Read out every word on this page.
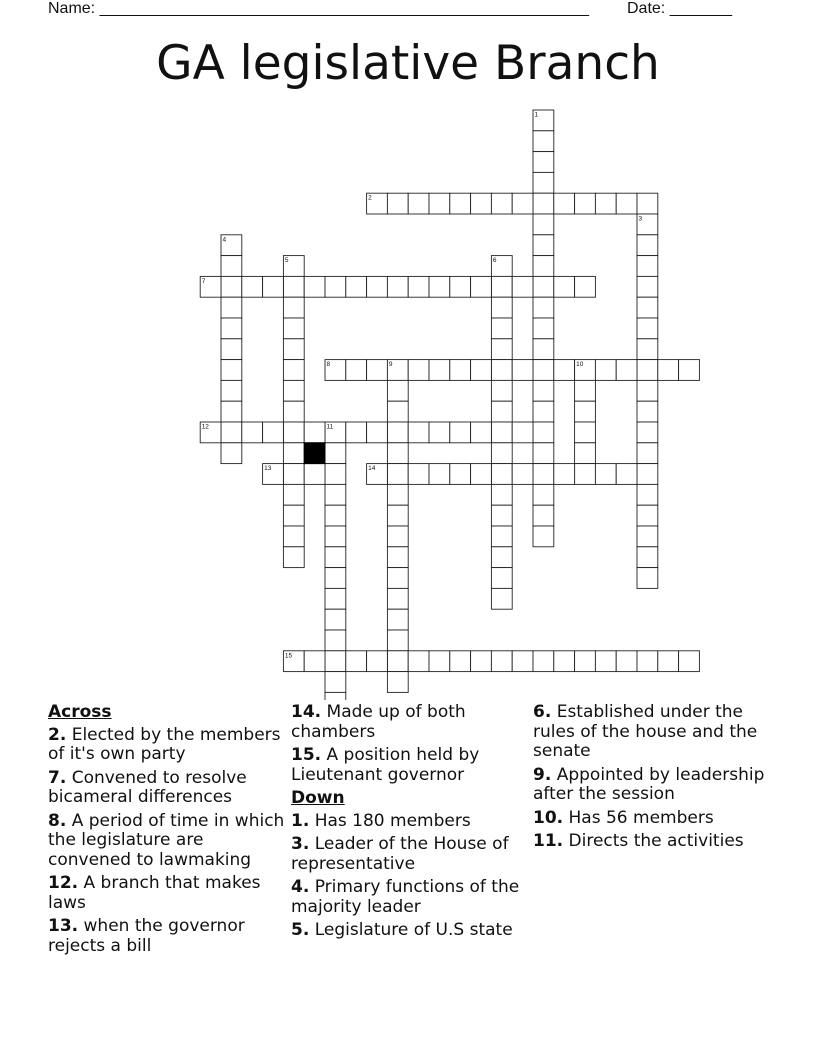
Name: _______________________________________________________ Date: _______
GA legislative Branch
1
2
3
4
5	6
7
8	9	10
11
12
13	14
15
Across
2. Elected by the members of it's own party
7. Convened to resolve bicameral differences
8. A period of time in which the legislature are convened to lawmaking
12. A branch that makes laws
13. when the governor rejects a bill
14. Made up of both chambers
15. A position held by Lieutenant governor
Down
1. Has 180 members
3. Leader of the House of representative
4. Primary functions of the majority leader
5. Legislature of U.S state
6. Established under the rules of the house and the senate
9. Appointed by leadership after the session
10. Has 56 members
11. Directs the activities
